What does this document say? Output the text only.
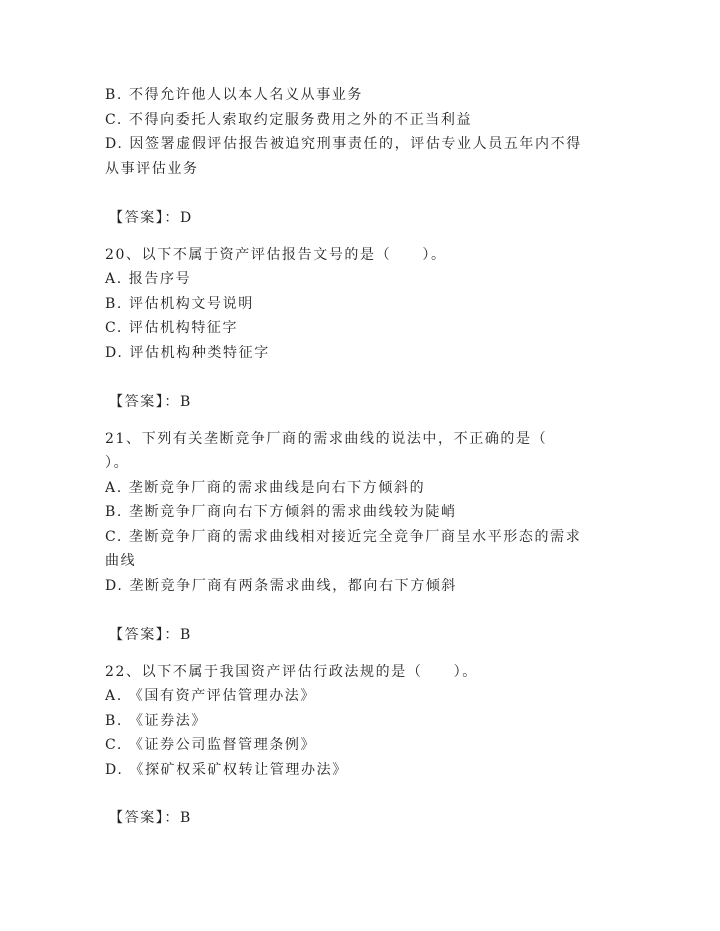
B. 不得允许他人以本人名义从事业务
C. 不得向委托人索取约定服务费用之外的不正当利益
D. 因签署虚假评估报告被追究刑事责任的，评估专业人员五年内不得
从事评估业务
【答案】：D
20、以下不属于资产评估报告文号的是（　　）。
A. 报告序号
B. 评估机构文号说明
C. 评估机构特征字
D. 评估机构种类特征字
【答案】：B
21、下列有关垄断竞争厂商的需求曲线的说法中，不正确的是（
）。
A. 垄断竞争厂商的需求曲线是向右下方倾斜的
B. 垄断竞争厂商向右下方倾斜的需求曲线较为陡峭
C. 垄断竞争厂商的需求曲线相对接近完全竞争厂商呈水平形态的需求
曲线
D. 垄断竞争厂商有两条需求曲线，都向右下方倾斜
【答案】：B
22、以下不属于我国资产评估行政法规的是（　　）。
A. 《国有资产评估管理办法》
B. 《证券法》
C. 《证券公司监督管理条例》
D. 《探矿权采矿权转让管理办法》
【答案】：B
